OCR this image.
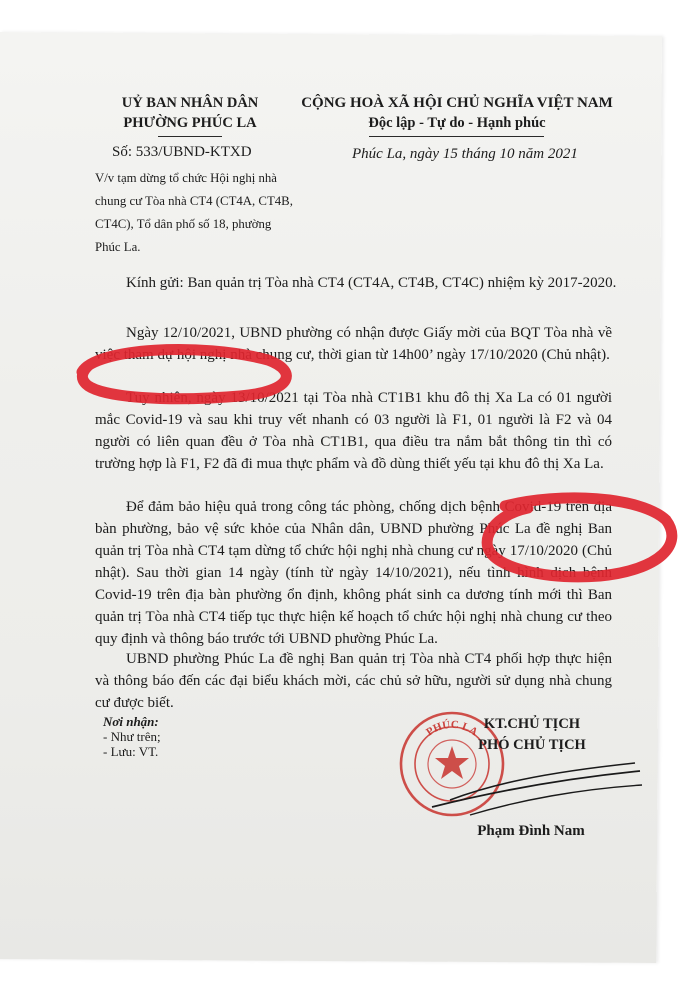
UỶ BAN NHÂN DÂN
PHƯỜNG PHÚC LA
CỘNG HOÀ XÃ HỘI CHỦ NGHĨA VIỆT NAM
Độc lập - Tự do - Hạnh phúc
Số: 533/UBND-KTXD	Phúc La, ngày 15 tháng 10 năm 2021
V/v tạm dừng tổ chức Hội nghị nhà chung cư Tòa nhà CT4 (CT4A, CT4B, CT4C), Tổ dân phố số 18, phường Phúc La.
Kính gửi: Ban quản trị Tòa nhà CT4 (CT4A, CT4B, CT4C) nhiệm kỳ 2017-2020.
Ngày 12/10/2021, UBND phường có nhận được Giấy mời của BQT Tòa nhà về việc tham dự hội nghị nhà chung cư, thời gian từ 14h00’ ngày 17/10/2020 (Chủ nhật).
Tuy nhiên, ngày 13/10/2021 tại Tòa nhà CT1B1 khu đô thị Xa La có 01 người mắc Covid-19 và sau khi truy vết nhanh có 03 người là F1, 01 người là F2 và 04 người có liên quan đều ở Tòa nhà CT1B1, qua điều tra nắm bắt thông tin thì có trường hợp là F1, F2 đã đi mua thực phẩm và đồ dùng thiết yếu tại khu đô thị Xa La.
Để đảm bảo hiệu quả trong công tác phòng, chống dịch bệnh Covid-19 trên địa bàn phường, bảo vệ sức khỏe của Nhân dân, UBND phường Phúc La đề nghị Ban quản trị Tòa nhà CT4 tạm dừng tổ chức hội nghị nhà chung cư ngày 17/10/2020 (Chủ nhật). Sau thời gian 14 ngày (tính từ ngày 14/10/2021), nếu tình hình dịch bệnh Covid-19 trên địa bàn phường ổn định, không phát sinh ca dương tính mới thì Ban quản trị Tòa nhà CT4 tiếp tục thực hiện kế hoạch tổ chức hội nghị nhà chung cư theo quy định và thông báo trước tới UBND phường Phúc La.
UBND phường Phúc La đề nghị Ban quản trị Tòa nhà CT4 phối hợp thực hiện và thông báo đến các đại biểu khách mời, các chủ sở hữu, người sử dụng nhà chung cư được biết.
Nơi nhận:
- Như trên;
- Lưu: VT.
PHÚC LA KT.CHỦ TỊCH
PHÓ CHỦ TỊCH
Phạm Đình Nam
